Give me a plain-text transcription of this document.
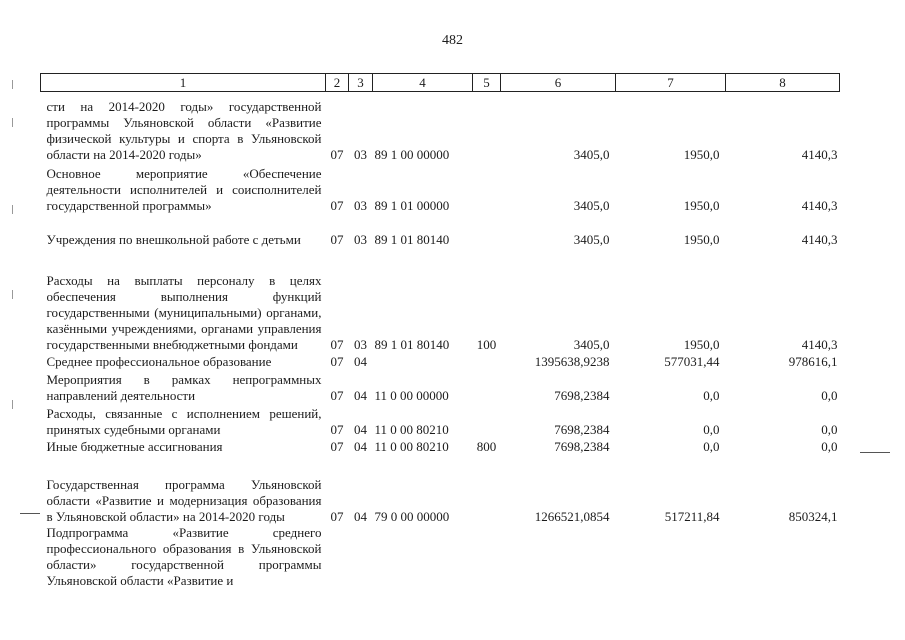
482
1	2	3	4	5	6	7	8
сти на 2014-2020 годы» государственной программы Ульяновской области «Развитие физической культуры и спорта в Ульяновской области на 2014-2020 годы»	07	03	89 1 00 00000		3405,0	1950,0	4140,3
Основное мероприятие «Обеспечение деятельности исполнителей и соисполнителей государственной программы»	07	03	89 1 01 00000		3405,0	1950,0	4140,3
Учреждения по внешкольной работе с детьми	07	03	89 1 01 80140		3405,0	1950,0	4140,3
Расходы на выплаты персоналу в целях обеспечения выполнения функций государственными (муниципальными) органами, казёнными учреждениями, органами управления государственными внебюджетными фондами	07	03	89 1 01 80140	100	3405,0	1950,0	4140,3
Среднее профессиональное образование	07	04			1395638,9238	577031,44	978616,1
Мероприятия в рамках непрограммных направлений деятельности	07	04	11 0 00 00000		7698,2384	0,0	0,0
Расходы, связанные с исполнением решений, принятых судебными органами	07	04	11 0 00 80210		7698,2384	0,0	0,0
Иные бюджетные ассигнования	07	04	11 0 00 80210	800	7698,2384	0,0	0,0
Государственная программа Ульяновской области «Развитие и модернизация образования в Ульяновской области» на 2014-2020 годы	07	04	79 0 00 00000		1266521,0854	517211,84	850324,1
Подпрограмма «Развитие среднего профессионального образования в Ульяновской области» государственной программы Ульяновской области «Развитие и							
